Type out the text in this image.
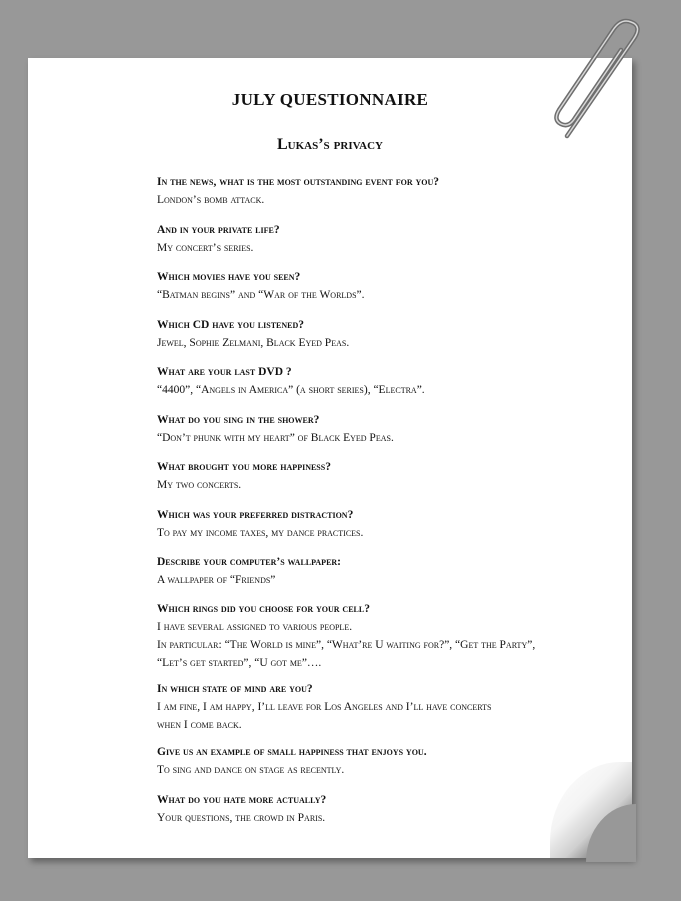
JULY QUESTIONNAIRE
Lukas’s privacy
In the news, what is the most outstanding event for you?
London’s bomb attack.
And in your private life?
My concert’s series.
Which movies have you seen?
“Batman begins” and “War of the Worlds”.
Which CD have you listened?
Jewel, Sophie Zelmani, Black Eyed Peas.
What are your last DVD ?
“4400”, “Angels in America” (a short series), “Electra”.
What do you sing in the shower?
“Don’t phunk with my heart” of Black Eyed Peas.
What brought you more happiness?
My two concerts.
Which was your preferred distraction?
To pay my income taxes, my dance practices.
Describe your computer’s wallpaper:
A wallpaper of “Friends”
Which rings did you choose for your cell?
I have several assigned to various people.
In particular: “The World is mine”, “What’re U waiting for?”, “Get the Party”,
“Let’s get started”, “U got me”….
In which state of mind are you?
I am fine, I am happy, I’ll leave for Los Angeles and I’ll have concerts
when I come back.
Give us an example of small happiness that enjoys you.
To sing and dance on stage as recently.
What do you hate more actually?
Your questions, the crowd in Paris.
